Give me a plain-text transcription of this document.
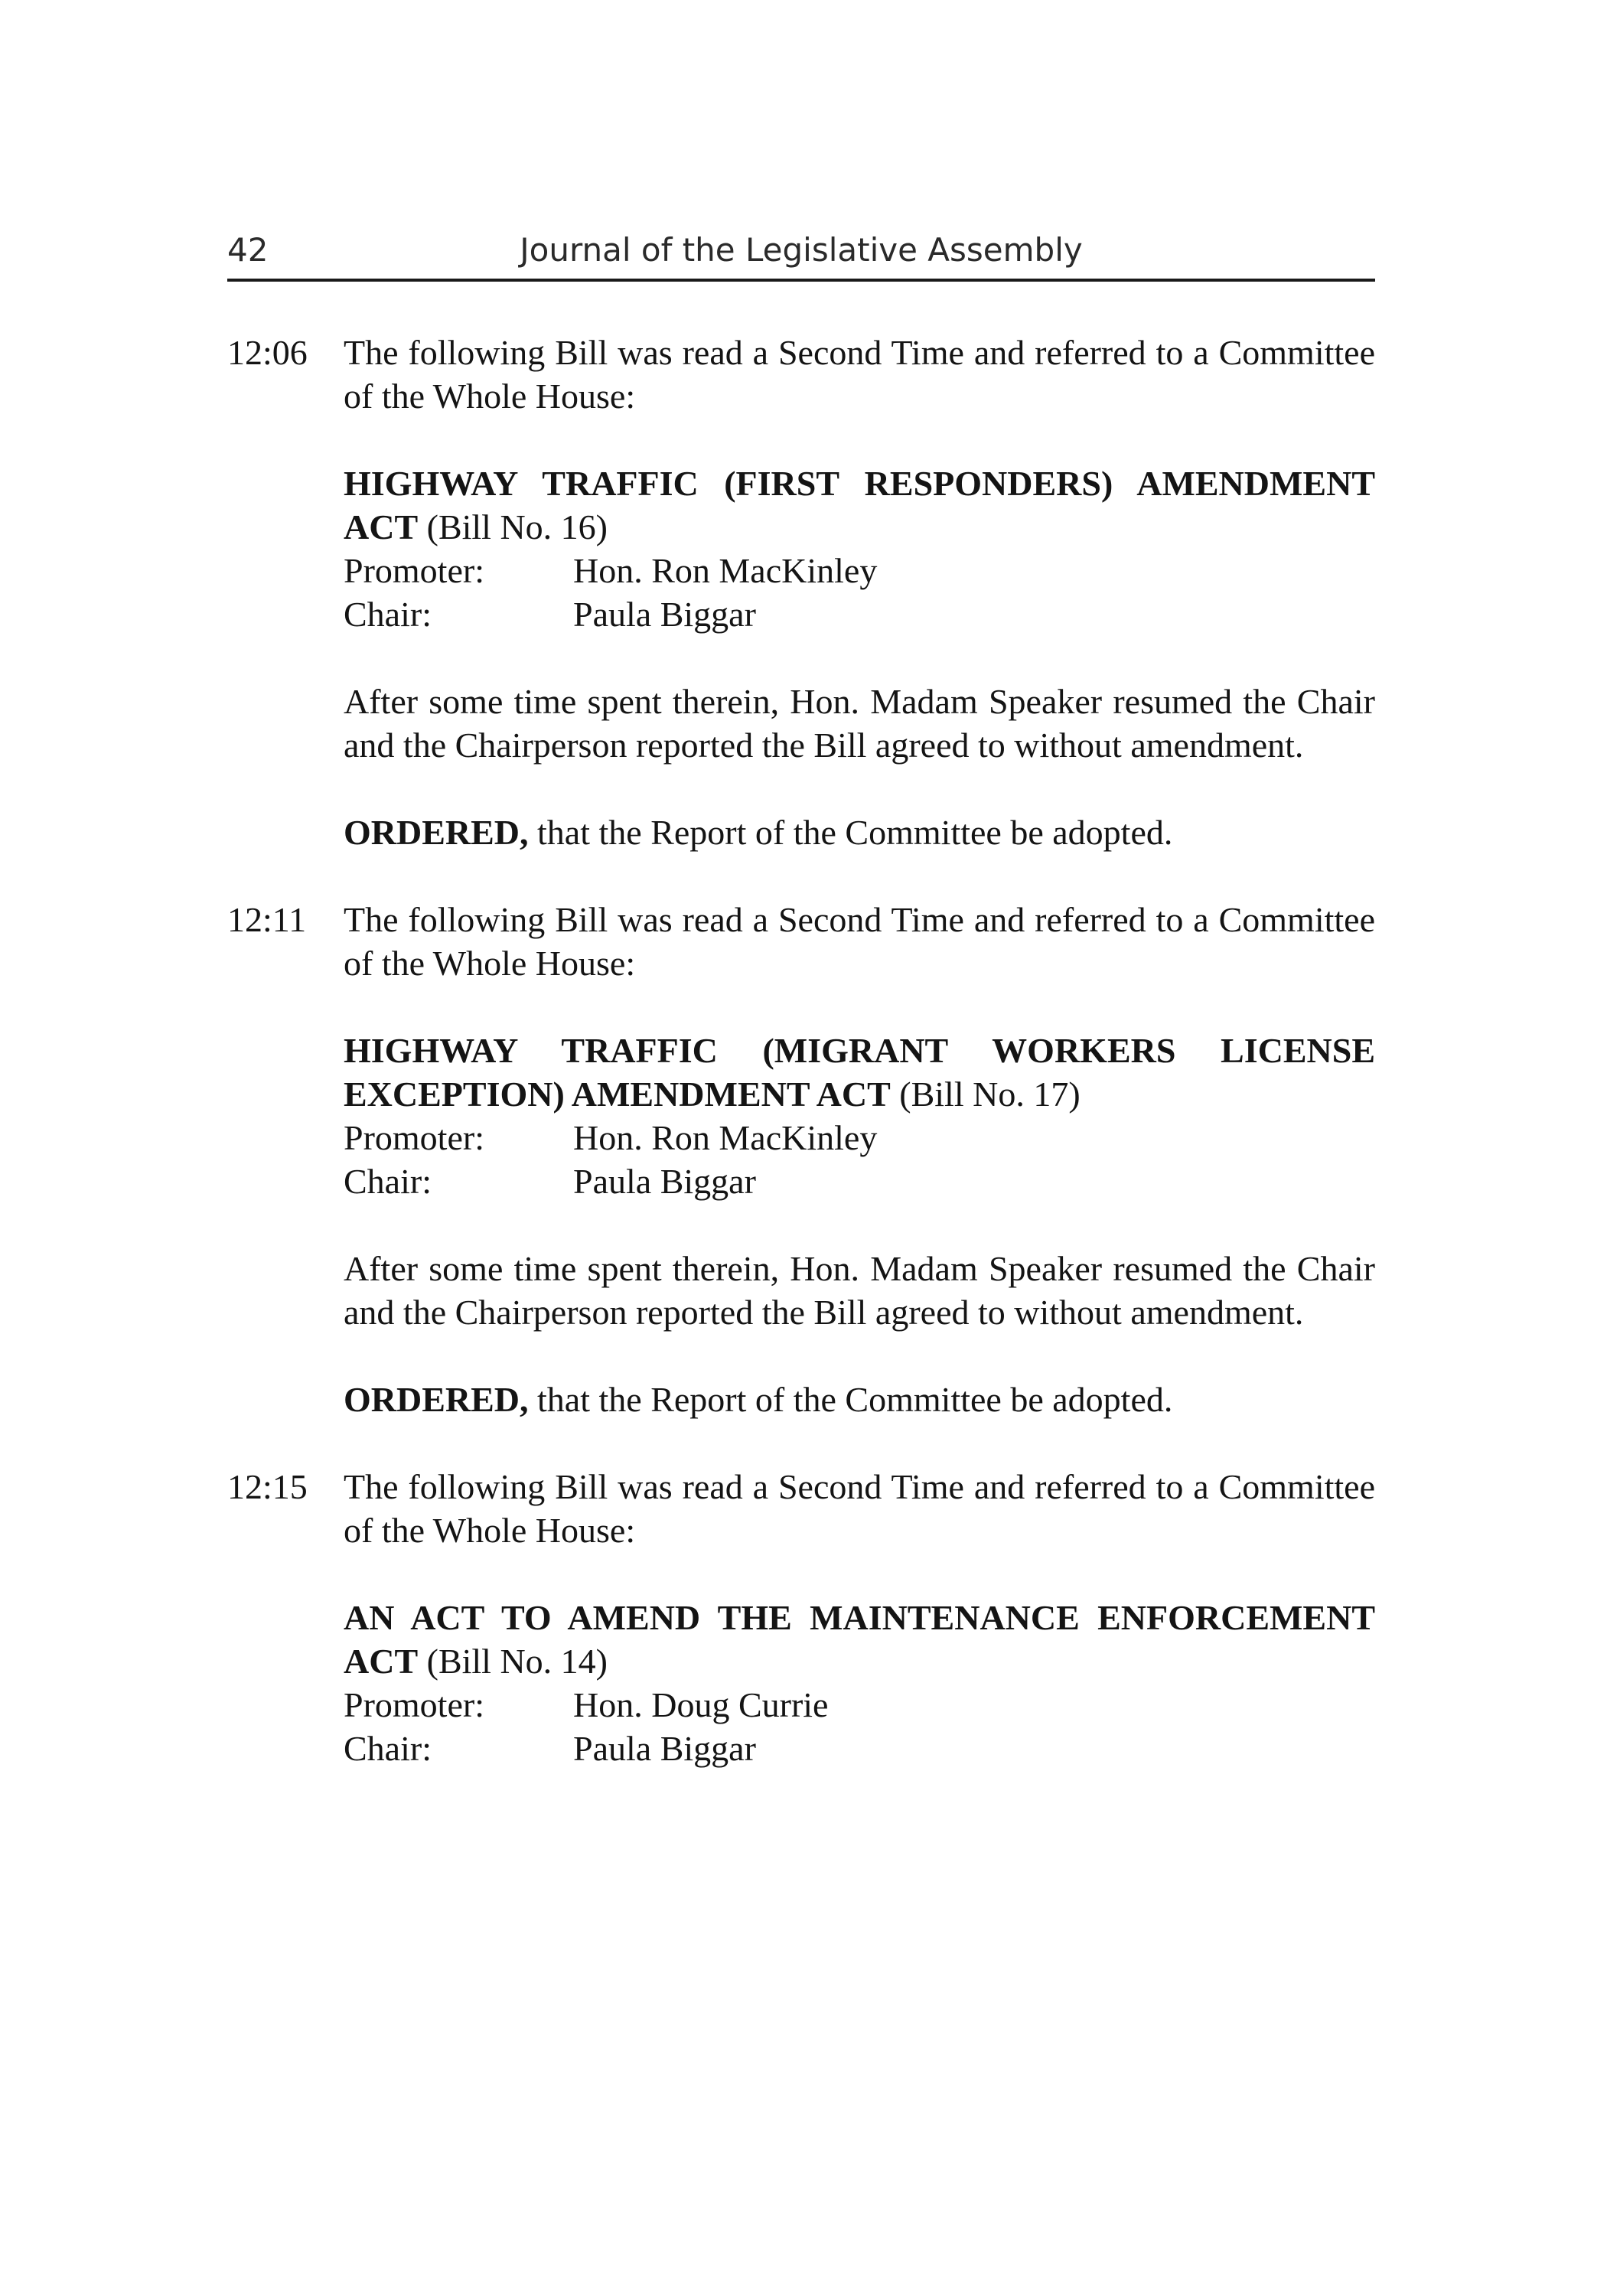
42	Journal of the Legislative Assembly
12:06	The following Bill was read a Second Time and referred to a Committee of the Whole House:

HIGHWAY TRAFFIC (FIRST RESPONDERS) AMENDMENT ACT (Bill No. 16)

Promoter:	Hon. Ron MacKinley
Chair:	Paula Biggar

After some time spent therein, Hon. Madam Speaker resumed the Chair and the Chairperson reported the Bill agreed to without amendment.

ORDERED, that the Report of the Committee be adopted.

12:11	The following Bill was read a Second Time and referred to a Committee of the Whole House:

HIGHWAY TRAFFIC (MIGRANT WORKERS LICENSE EXCEPTION) AMENDMENT ACT (Bill No. 17)

Promoter:	Hon. Ron MacKinley
Chair:	Paula Biggar

After some time spent therein, Hon. Madam Speaker resumed the Chair and the Chairperson reported the Bill agreed to without amendment.

ORDERED, that the Report of the Committee be adopted.

12:15	The following Bill was read a Second Time and referred to a Committee of the Whole House:

AN ACT TO AMEND THE MAINTENANCE ENFORCEMENT ACT (Bill No. 14)

Promoter:	Hon. Doug Currie
Chair:	Paula Biggar
